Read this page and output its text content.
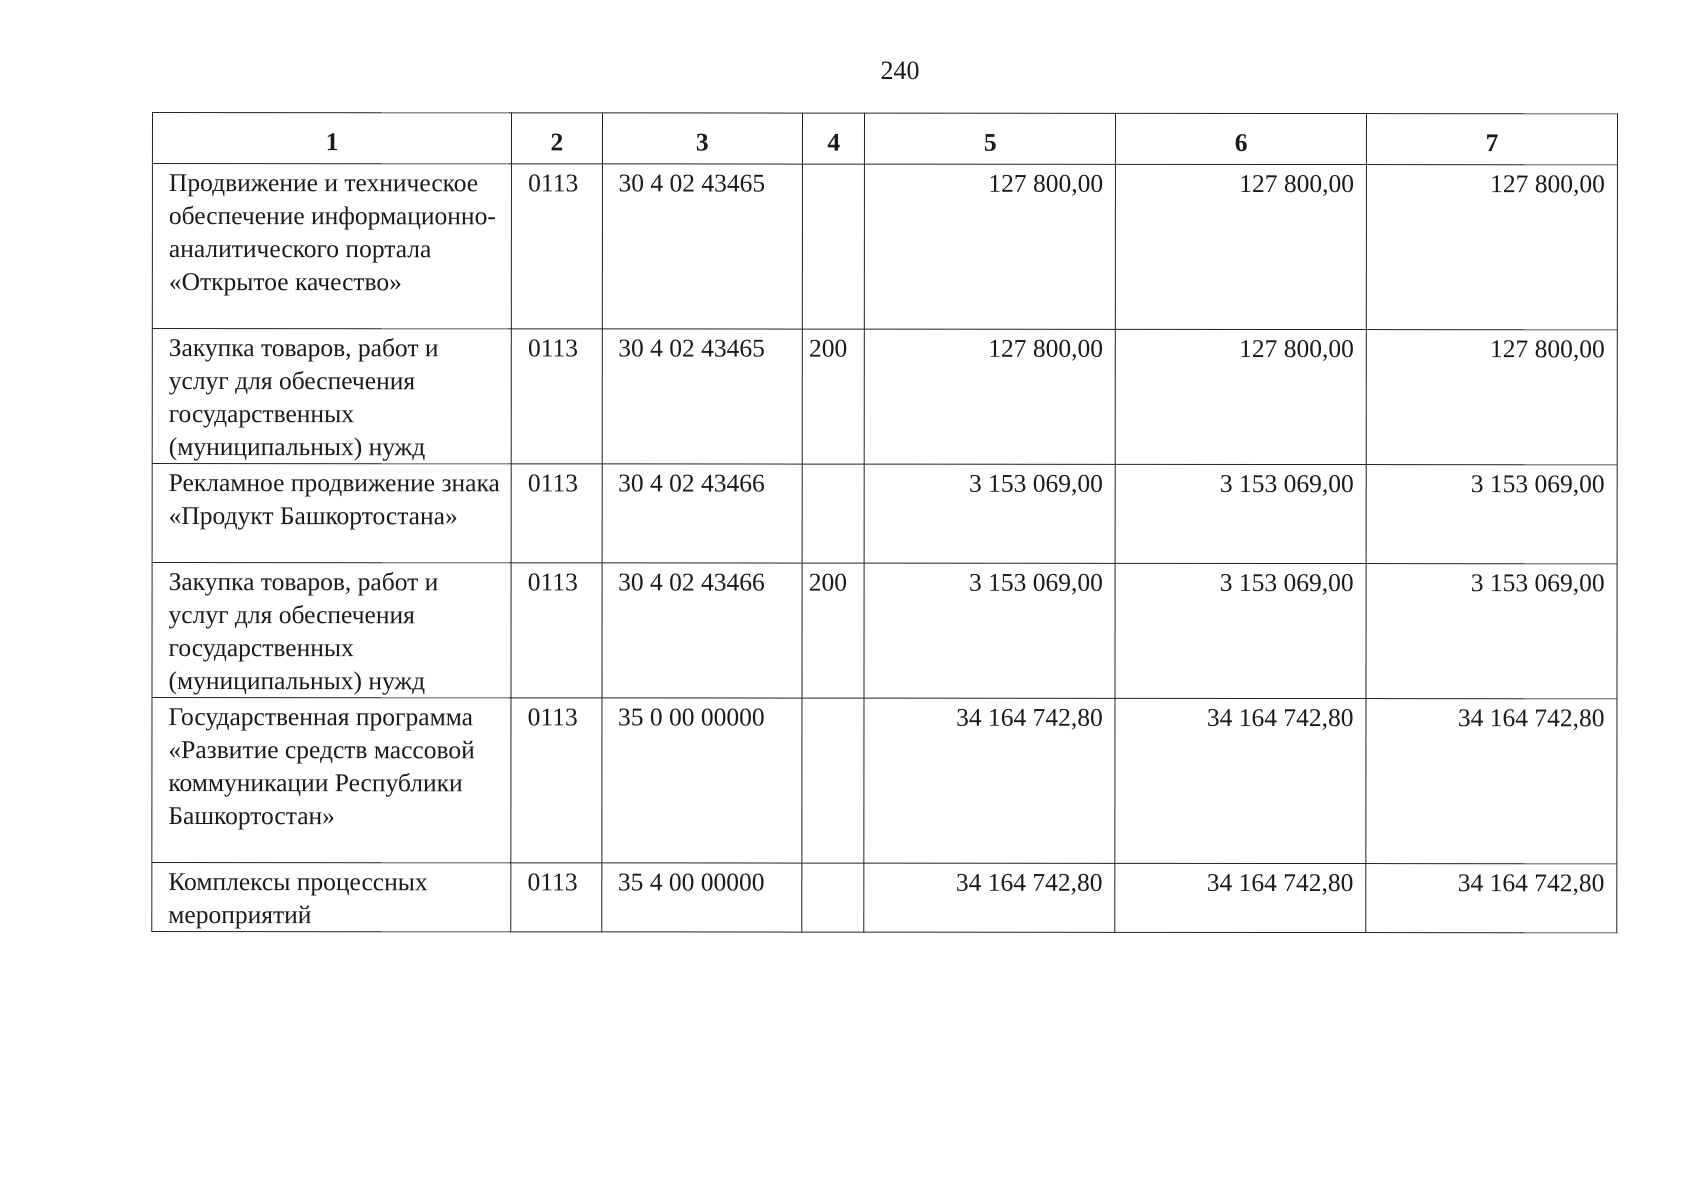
240
1	2	3	4	5	6	7
Продвижение и техническое обеспечение информационно-аналитического портала «Открытое качество»	0113	30 4 02 43465		127 800,00	127 800,00	127 800,00
Закупка товаров, работ и услуг для обеспечения государственных (муниципальных) нужд	0113	30 4 02 43465	200	127 800,00	127 800,00	127 800,00
Рекламное продвижение знака «Продукт Башкортостана»	0113	30 4 02 43466		3 153 069,00	3 153 069,00	3 153 069,00
Закупка товаров, работ и услуг для обеспечения государственных (муниципальных) нужд	0113	30 4 02 43466	200	3 153 069,00	3 153 069,00	3 153 069,00
Государственная программа «Развитие средств массовой коммуникации Республики Башкортостан»	0113	35 0 00 00000		34 164 742,80	34 164 742,80	34 164 742,80
Комплексы процессных мероприятий	0113	35 4 00 00000		34 164 742,80	34 164 742,80	34 164 742,80
